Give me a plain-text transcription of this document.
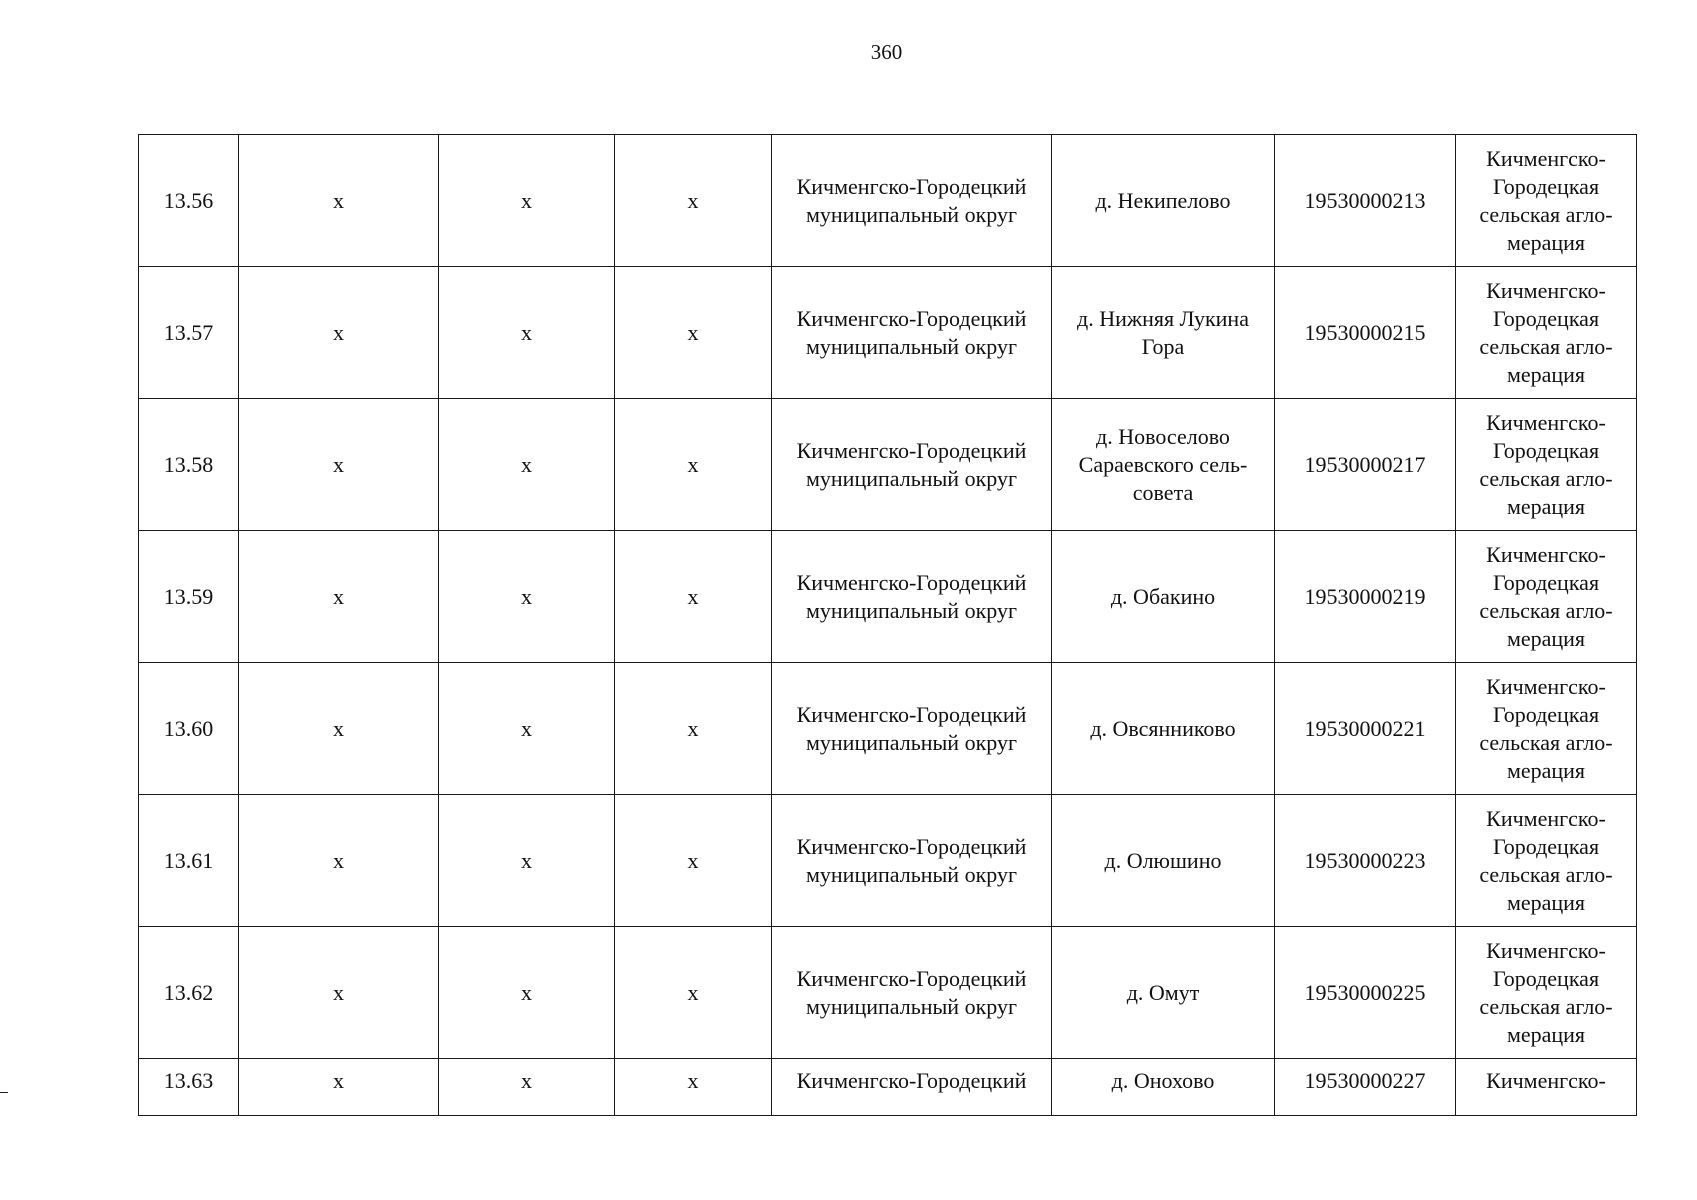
360
13.56	x	x	x	Кичменгско-Городецкий
муниципальный округ	д. Некипелово	19530000213	Кичменгско-
Городецкая
сельская агло-
мерация
13.57	x	x	x	Кичменгско-Городецкий
муниципальный округ	д. Нижняя Лукина
Гора	19530000215	Кичменгско-
Городецкая
сельская агло-
мерация
13.58	x	x	x	Кичменгско-Городецкий
муниципальный округ	д. Новоселово
Сараевского сель-
совета	19530000217	Кичменгско-
Городецкая
сельская агло-
мерация
13.59	x	x	x	Кичменгско-Городецкий
муниципальный округ	д. Обакино	19530000219	Кичменгско-
Городецкая
сельская агло-
мерация
13.60	x	x	x	Кичменгско-Городецкий
муниципальный округ	д. Овсянниково	19530000221	Кичменгско-
Городецкая
сельская агло-
мерация
13.61	x	x	x	Кичменгско-Городецкий
муниципальный округ	д. Олюшино	19530000223	Кичменгско-
Городецкая
сельская агло-
мерация
13.62	x	x	x	Кичменгско-Городецкий
муниципальный округ	д. Омут	19530000225	Кичменгско-
Городецкая
сельская агло-
мерация
13.63	x	x	x	Кичменгско-Городецкий	д. Онохово	19530000227	Кичменгско-
